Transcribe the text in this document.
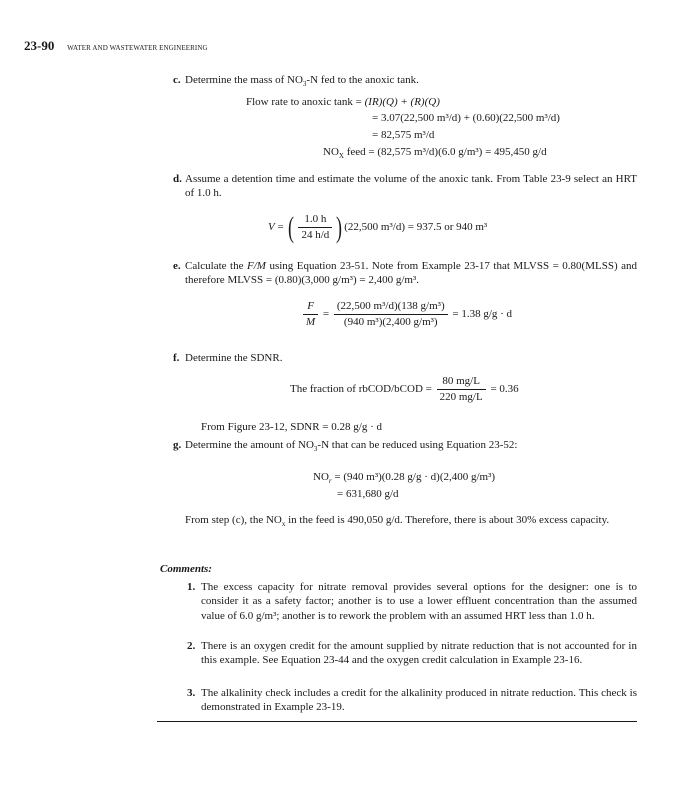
23-90 WATER AND WASTEWATER ENGINEERING
c. Determine the mass of $NO_3-N$ fed to the anoxic tank.
Flow rate to anoxic tank = (IR)(Q) + (R)(Q)
= 3.07(22,500 m³/d) + (0.60)(22,500 m³/d)
= 82,575 m³/d
$NO_X$ feed = (82,575 m³/d)(6.0 g/m³) = 495,450 g/d
d. Assume a detention time and estimate the volume of the anoxic tank. From Table 23-9 select an HRT of 1.0 h.
V = ( $\frac{1.0 h}{24 h/d}$ ) (22,500 m³/d) = 937.5 or 940 m³
e. Calculate the F/M using Equation 23-51. Note from Example 23-17 that MLVSS = 0.80(MLSS) and therefore MLVSS = (0.80)(3,000 g/m³) = 2,400 g/m³.
$\frac{F}{M} = \frac{\text{(22,500 m³/d)(138 g/m³)}}{\text{(940 m³)(2,400 g/m³)}} = 1.38$ g/g · d
f. Determine the SDNR.
The fraction of rbCOD/bCOD = $\frac{80 mg/L}{220 mg/L} = 0.36$
From Figure 23-12, SDNR = 0.28 g/g · d
g. Determine the amount of $NO_3-N$ that can be reduced using Equation 23-52:
$NO_r = (940$ m³)(0.28 g/g · d)(2,400 g/m³)
= 631,680 g/d
From step (c), the $NO_x$ in the feed is 490,050 g/d. Therefore, there is about 30% excess capacity.
Comments:
1. The excess capacity for nitrate removal provides several options for the designer: one is to consider it as a safety factor; another is to use a lower effluent concentration than the assumed value of 6.0 g/m³; another is to rework the problem with an assumed HRT less than 1.0 h.
2. There is an oxygen credit for the amount supplied by nitrate reduction that is not accounted for in this example. See Equation 23-44 and the oxygen credit calculation in Example 23-16.
3. The alkalinity check includes a credit for the alkalinity produced in nitrate reduction. This check is demonstrated in Example 23-19.
